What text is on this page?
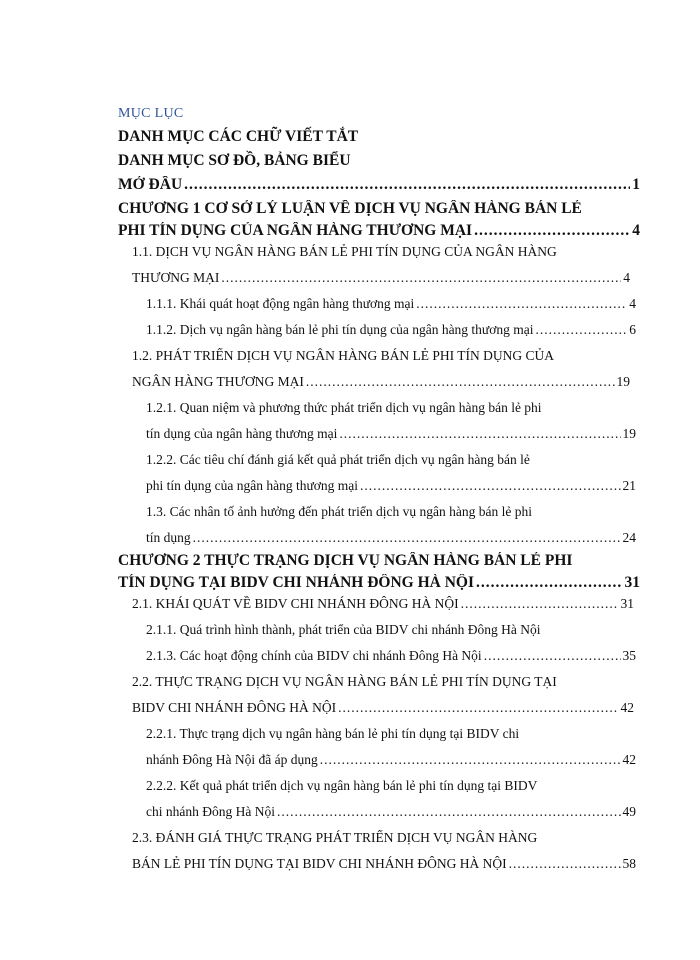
MỤC LỤC
DANH MỤC CÁC CHỮ VIẾT TẮT
DANH MỤC SƠ ĐỒ, BẢNG BIỂU
MỞ ĐẦU .....	1
CHƯƠNG 1 CƠ SỞ LÝ LUẬN VỀ DỊCH VỤ NGÂN HÀNG BÁN LẺ
PHI TÍN DỤNG CỦA NGÂN HÀNG THƯƠNG MẠI .....	4
1.1. DỊCH VỤ NGÂN HÀNG BÁN LẺ PHI TÍN DỤNG CỦA NGÂN HÀNG
THƯƠNG MẠI .....	4
1.1.1. Khái quát hoạt động ngân hàng thương mại .....	4
1.1.2. Dịch vụ ngân hàng bán lẻ phi tín dụng của ngân hàng thương mại .....	6
1.2. PHÁT TRIỂN DỊCH VỤ NGÂN HÀNG BÁN LẺ PHI TÍN DỤNG CỦA
NGÂN HÀNG THƯƠNG MẠI .....	19
1.2.1. Quan niệm và phương thức phát triển dịch vụ ngân hàng bán lẻ phi
tín dụng của ngân hàng thương mại .....	19
1.2.2. Các tiêu chí đánh giá kết quả phát triển dịch vụ ngân hàng bán lẻ
phi tín dụng của ngân hàng thương mại .....	21
1.3. Các nhân tố ảnh hưởng đến phát triển dịch vụ ngân hàng bán lẻ phi
tín dụng .....	24
CHƯƠNG 2 THỰC TRẠNG DỊCH VỤ NGÂN HÀNG BÁN LẺ PHI
TÍN DỤNG TẠI BIDV CHI NHÁNH ĐÔNG HÀ NỘI .....	31
2.1. KHÁI QUÁT VỀ BIDV CHI NHÁNH ĐÔNG HÀ NỘI .....	31
2.1.1. Quá trình hình thành, phát triển của BIDV chi nhánh Đông Hà Nội
2.1.3. Các hoạt động chính của BIDV chi nhánh Đông Hà Nội .....	35
2.2. THỰC TRẠNG DỊCH VỤ NGÂN HÀNG BÁN LẺ PHI TÍN DỤNG TẠI
BIDV CHI NHÁNH ĐÔNG HÀ NỘI .....	42
2.2.1. Thực trạng dịch vụ ngân hàng bán lẻ phi tín dụng tại BIDV chi
nhánh Đông Hà Nội đã áp dụng .....	42
2.2.2. Kết quả phát triển dịch vụ ngân hàng bán lẻ phi tín dụng tại BIDV
chi nhánh Đông Hà Nội .....	49
2.3. ĐÁNH GIÁ THỰC TRẠNG PHÁT TRIỂN DỊCH VỤ NGÂN HÀNG
BÁN LẺ PHI TÍN DỤNG TẠI BIDV CHI NHÁNH ĐÔNG HÀ NỘI .....	58
